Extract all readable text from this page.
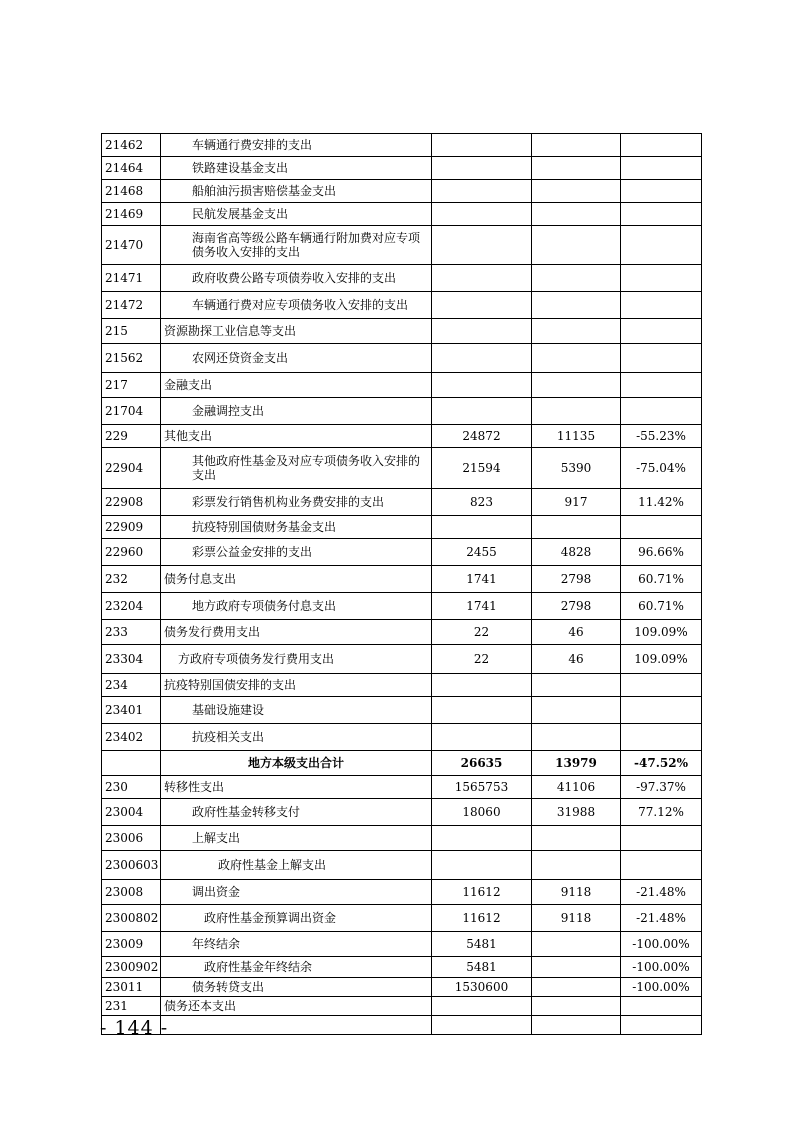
21462	车辆通行费安排的支出			
21464	铁路建设基金支出			
21468	船舶油污损害赔偿基金支出			
21469	民航发展基金支出			
21470	海南省高等级公路车辆通行附加费对应专项债务收入安排的支出			
21471	政府收费公路专项债券收入安排的支出			
21472	车辆通行费对应专项债务收入安排的支出			
215	资源勘探工业信息等支出			
21562	农网还贷资金支出			
217	金融支出			
21704	金融调控支出			
229	其他支出	24872	11135	-55.23%
22904	其他政府性基金及对应专项债务收入安排的支出	21594	5390	-75.04%
22908	彩票发行销售机构业务费安排的支出	823	917	11.42%
22909	抗疫特别国债财务基金支出			
22960	彩票公益金安排的支出	2455	4828	96.66%
232	债务付息支出	1741	2798	60.71%
23204	地方政府专项债务付息支出	1741	2798	60.71%
233	债务发行费用支出	22	46	109.09%
23304	方政府专项债务发行费用支出	22	46	109.09%
234	抗疫特别国债安排的支出			
23401	基础设施建设			
23402	抗疫相关支出			
	地方本级支出合计	26635	13979	-47.52%
230	转移性支出	1565753	41106	-97.37%
23004	政府性基金转移支付	18060	31988	77.12%
23006	上解支出			
2300603	政府性基金上解支出			
23008	调出资金	11612	9118	-21.48%
2300802	政府性基金预算调出资金	11612	9118	-21.48%
23009	年终结余	5481		-100.00%
2300902	政府性基金年终结余	5481		-100.00%
23011	债务转贷支出	1530600		-100.00%
231	债务还本支出			

- 144 -
